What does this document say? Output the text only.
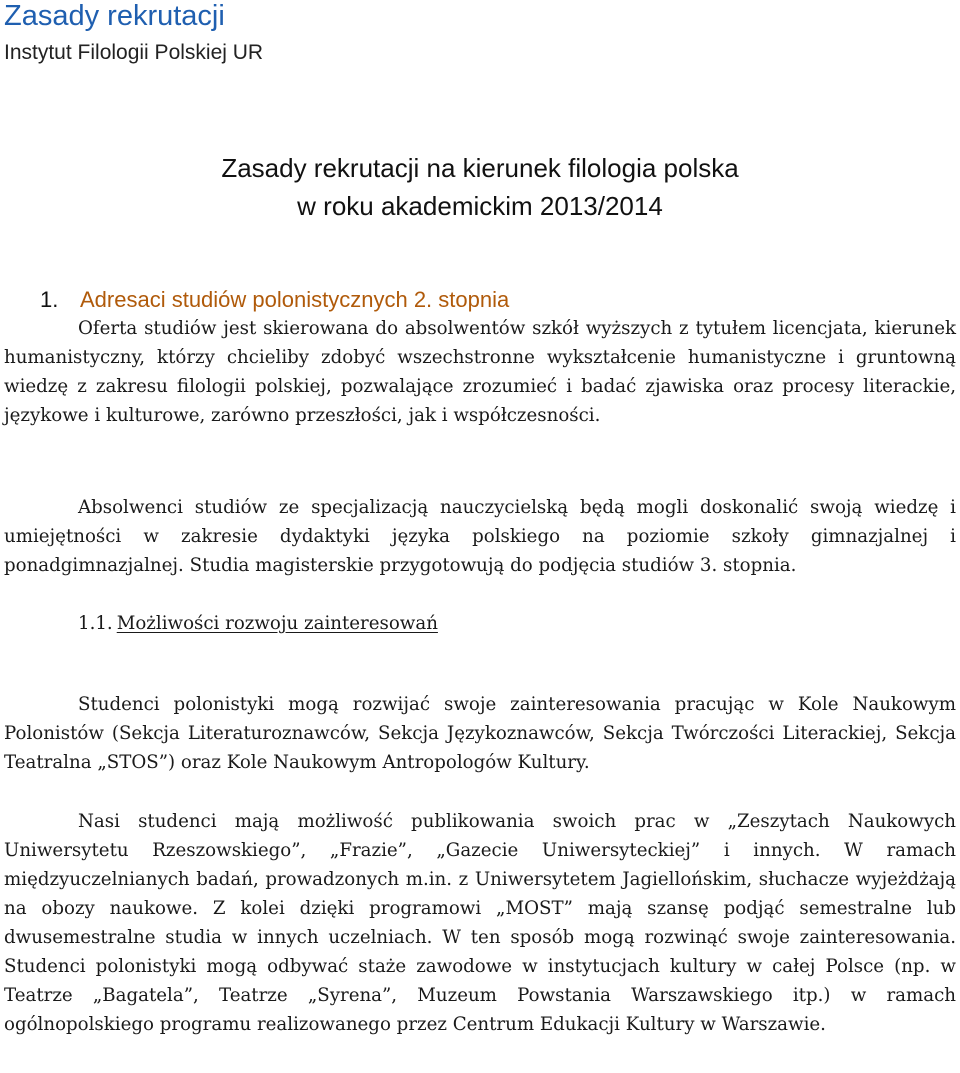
Zasady rekrutacji
Instytut Filologii Polskiej UR
Zasady rekrutacji na kierunek filologia polska
w roku akademickim 2013/2014
1. Adresaci studiów polonistycznych 2. stopnia

Oferta studiów jest skierowana do absolwentów szkół wyższych z tytułem licencjata, kierunek humanistyczny, którzy chcieliby zdobyć wszechstronne wykształcenie humanistyczne i gruntowną wiedzę z zakresu filologii polskiej, pozwalające zrozumieć i badać zjawiska oraz procesy literackie, językowe i kulturowe, zarówno przeszłości, jak i współczesności.

Absolwenci studiów ze specjalizacją nauczycielską będą mogli doskonalić swoją wiedzę i umiejętności w zakresie dydaktyki języka polskiego na poziomie szkoły gimnazjalnej i ponadgimnazjalnej. Studia magisterskie przygotowują do podjęcia studiów 3. stopnia.

1.1. Możliwości rozwoju zainteresowań

Studenci polonistyki mogą rozwijać swoje zainteresowania pracując w Kole Naukowym Polonistów (Sekcja Literaturoznawców, Sekcja Językoznawców, Sekcja Twórczości Literackiej, Sekcja Teatralna „STOS”) oraz Kole Naukowym Antropologów Kultury.

Nasi studenci mają możliwość publikowania swoich prac w „Zeszytach Naukowych Uniwersytetu Rzeszowskiego”, „Frazie”, „Gazecie Uniwersyteckiej” i innych. W ramach międzyuczelnianych badań, prowadzonych m.in. z Uniwersytetem Jagiellońskim, słuchacze wyjeżdżają na obozy naukowe. Z kolei dzięki programowi „MOST” mają szansę podjąć semestralne lub dwusemestralne studia w innych uczelniach. W ten sposób mogą rozwinąć swoje zainteresowania. Studenci polonistyki mogą odbywać staże zawodowe w instytucjach kultury w całej Polsce (np. w Teatrze „Bagatela”, Teatrze „Syrena”, Muzeum Powstania Warszawskiego itp.) w ramach ogólnopolskiego programu realizowanego przez Centrum Edukacji Kultury w Warszawie.
